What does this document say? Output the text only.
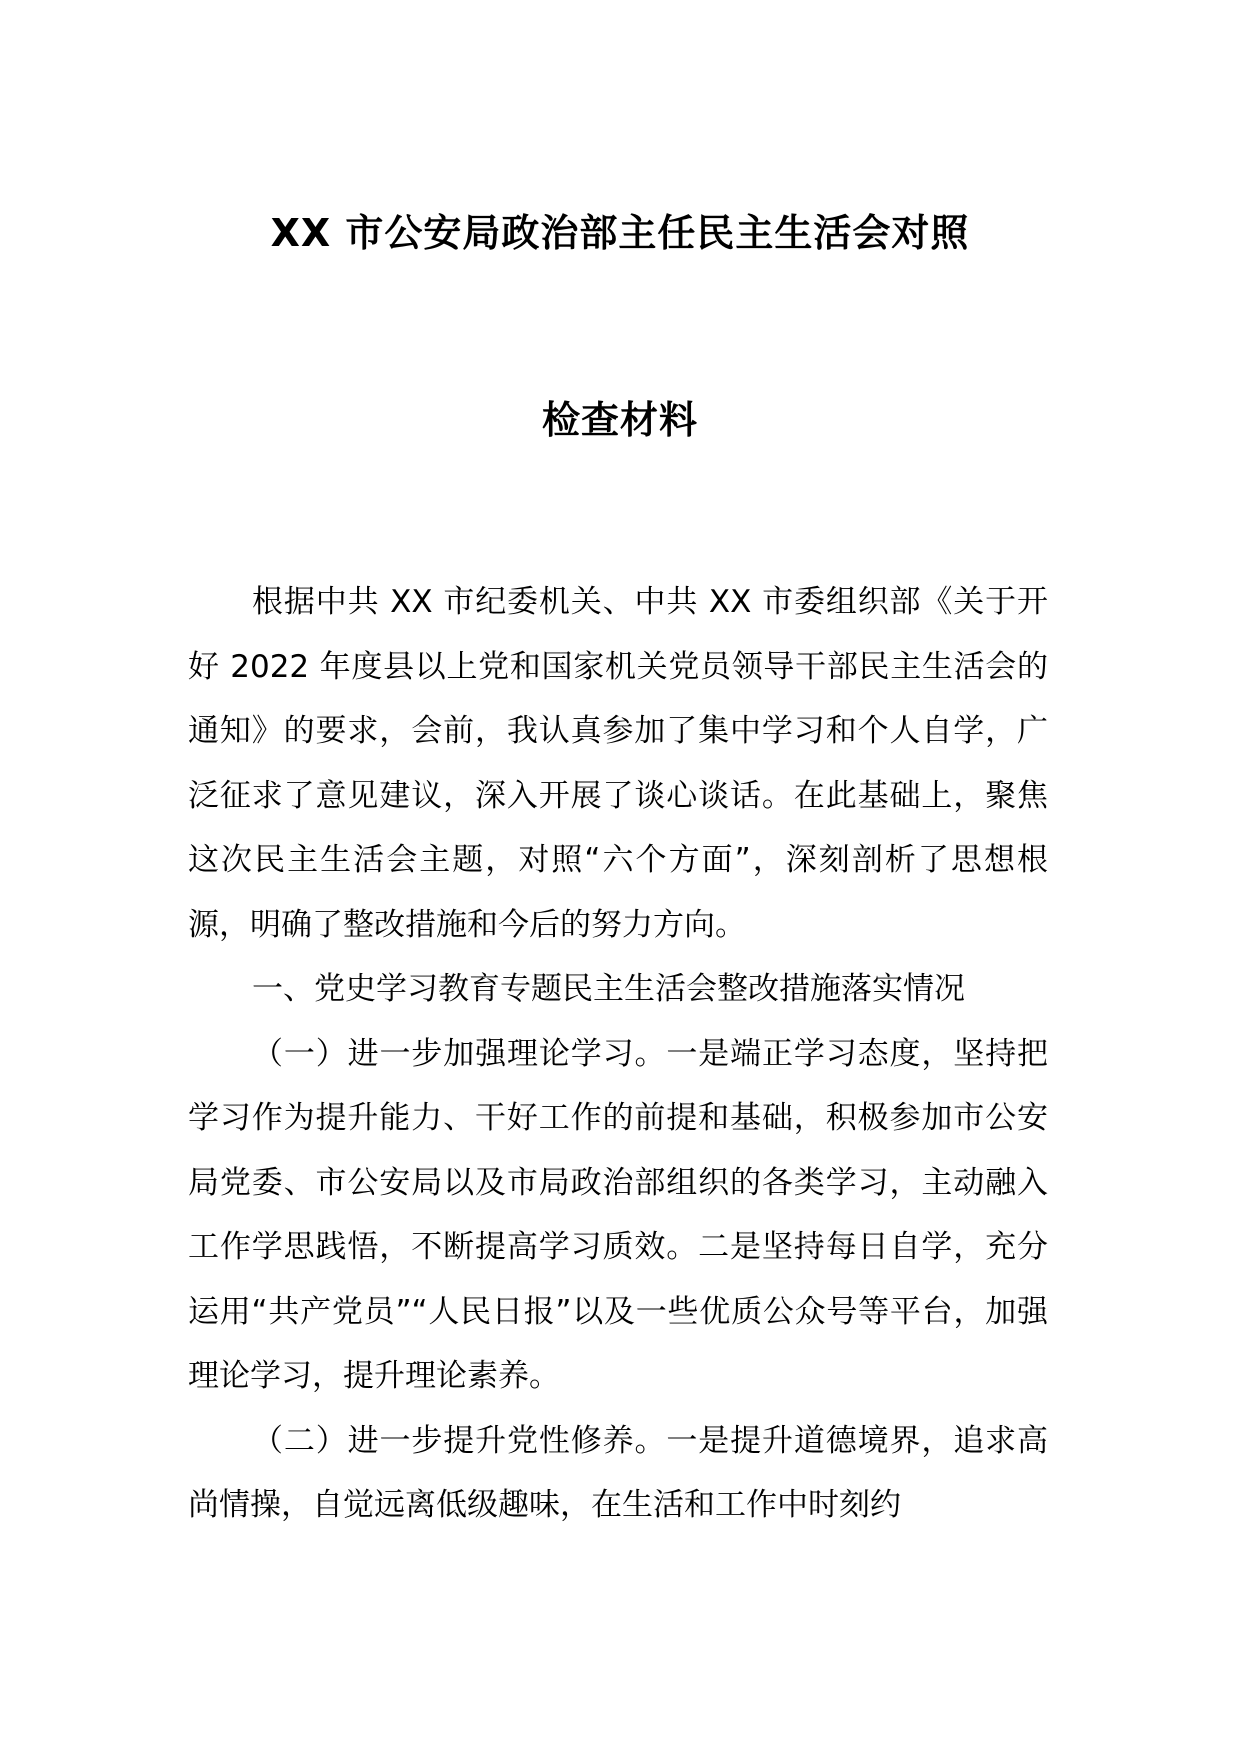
XX 市公安局政治部主任民主生活会对照
检查材料

根据中共 XX 市纪委机关、中共 XX 市委组织部《关于开好 2022 年度县以上党和国家机关党员领导干部民主生活会的通知》的要求，会前，我认真参加了集中学习和个人自学，广泛征求了意见建议，深入开展了谈心谈话。在此基础上，聚焦这次民主生活会主题，对照“六个方面”，深刻剖析了思想根源，明确了整改措施和今后的努力方向。

一、党史学习教育专题民主生活会整改措施落实情况

（一）进一步加强理论学习。一是端正学习态度，坚持把学习作为提升能力、干好工作的前提和基础，积极参加市公安局党委、市公安局以及市局政治部组织的各类学习，主动融入工作学思践悟，不断提高学习质效。二是坚持每日自学，充分运用“共产党员”“人民日报”以及一些优质公众号等平台，加强理论学习，提升理论素养。

（二）进一步提升党性修养。一是提升道德境界，追求高尚情操，自觉远离低级趣味，在生活和工作中时刻约
